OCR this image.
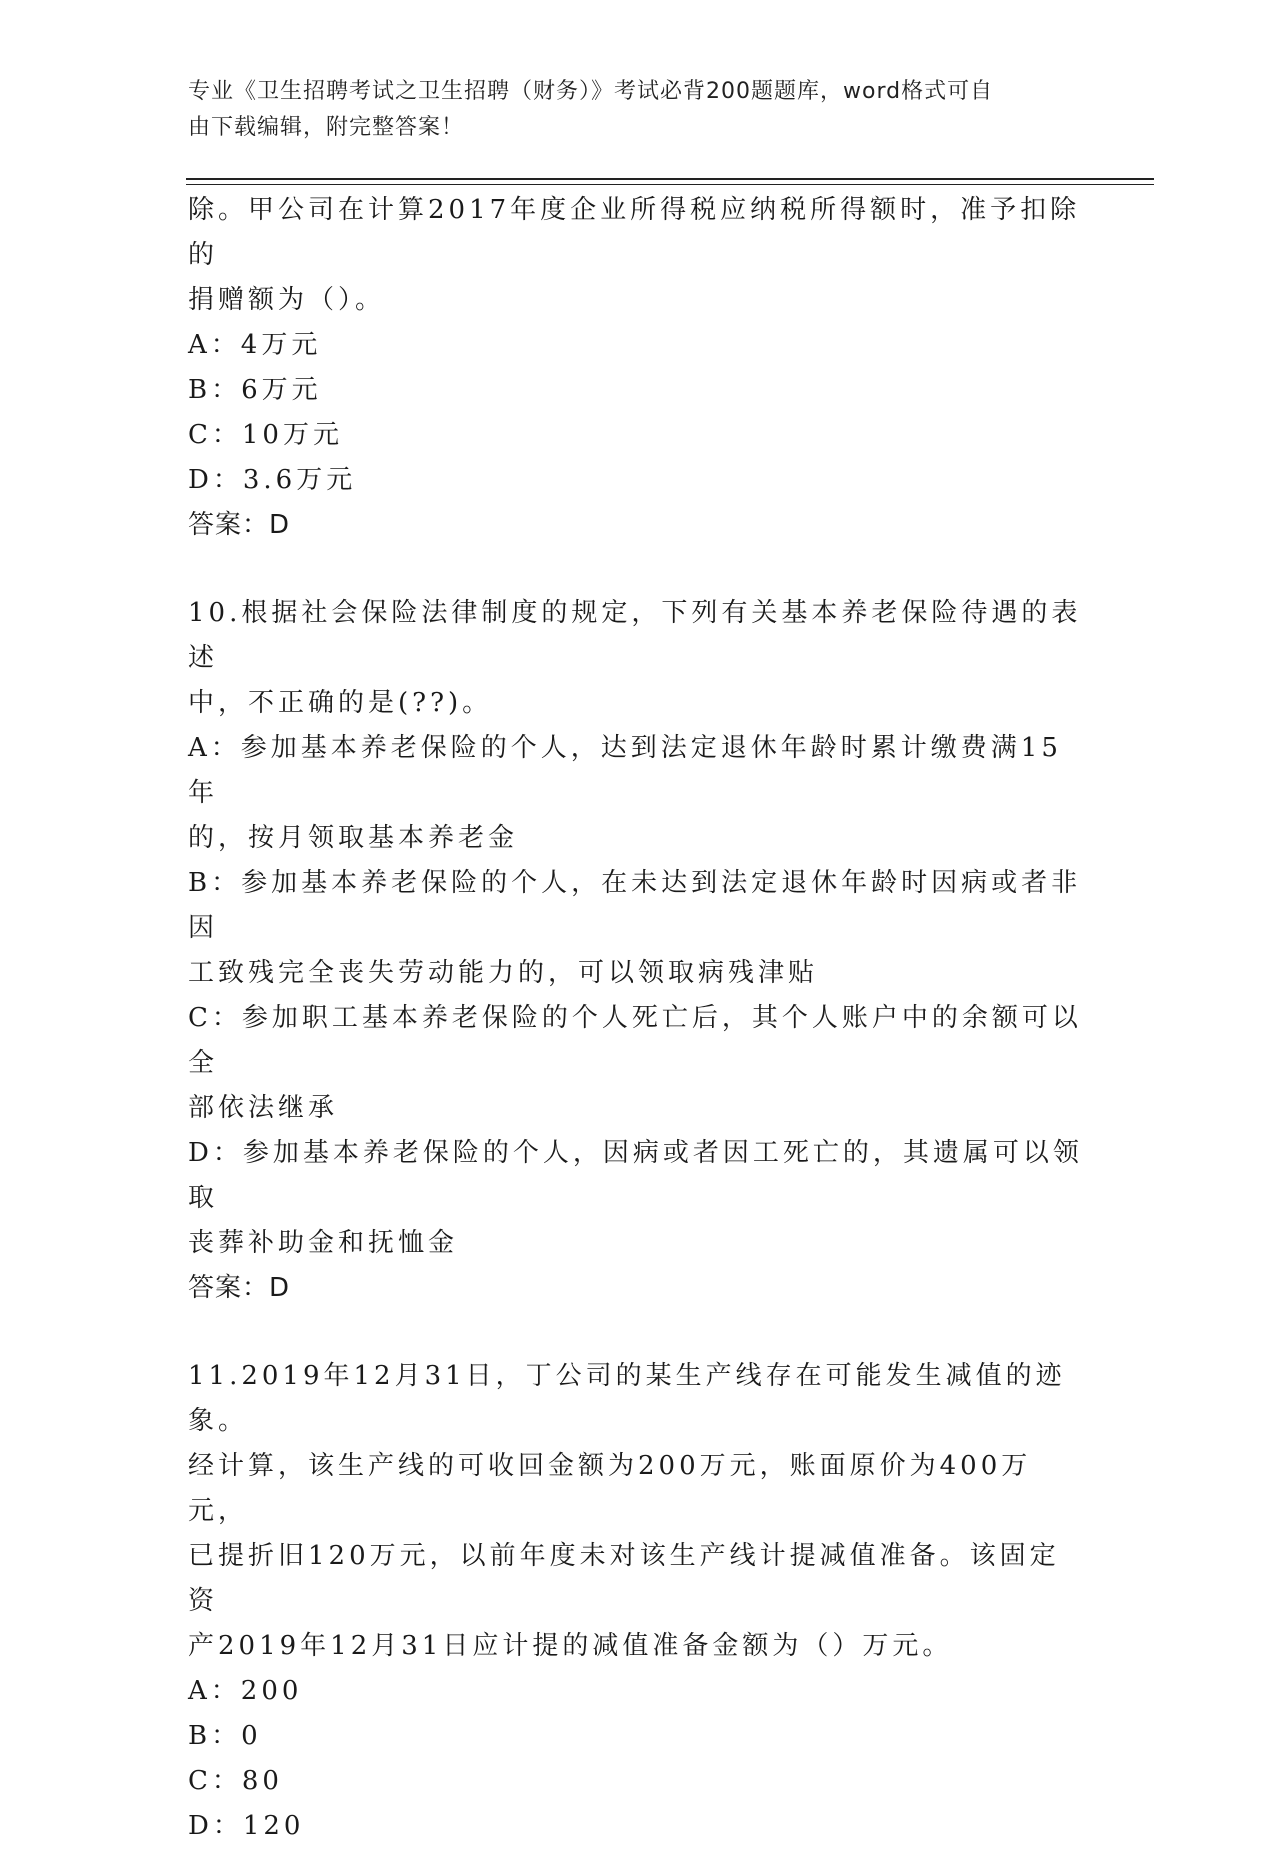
专业《卫生招聘考试之卫生招聘（财务）》考试必背200题题库，word格式可自
由下载编辑，附完整答案！

除。甲公司在计算2017年度企业所得税应纳税所得额时，准予扣除的

捐赠额为（）。

A：4万元

B：6万元

C：10万元

D：3.6万元

答案：D

10.根据社会保险法律制度的规定，下列有关基本养老保险待遇的表述

中，不正确的是(??)。

A：参加基本养老保险的个人，达到法定退休年龄时累计缴费满15年

的，按月领取基本养老金

B：参加基本养老保险的个人，在未达到法定退休年龄时因病或者非因

工致残完全丧失劳动能力的，可以领取病残津贴

C：参加职工基本养老保险的个人死亡后，其个人账户中的余额可以全

部依法继承

D：参加基本养老保险的个人，因病或者因工死亡的，其遗属可以领取

丧葬补助金和抚恤金

答案：D

11.2019年12月31日，丁公司的某生产线存在可能发生减值的迹象。

经计算，该生产线的可收回金额为200万元，账面原价为400万元，

已提折旧120万元，以前年度未对该生产线计提减值准备。该固定资

产2019年12月31日应计提的减值准备金额为（）万元。

A：200

B：0

C：80

D：120
